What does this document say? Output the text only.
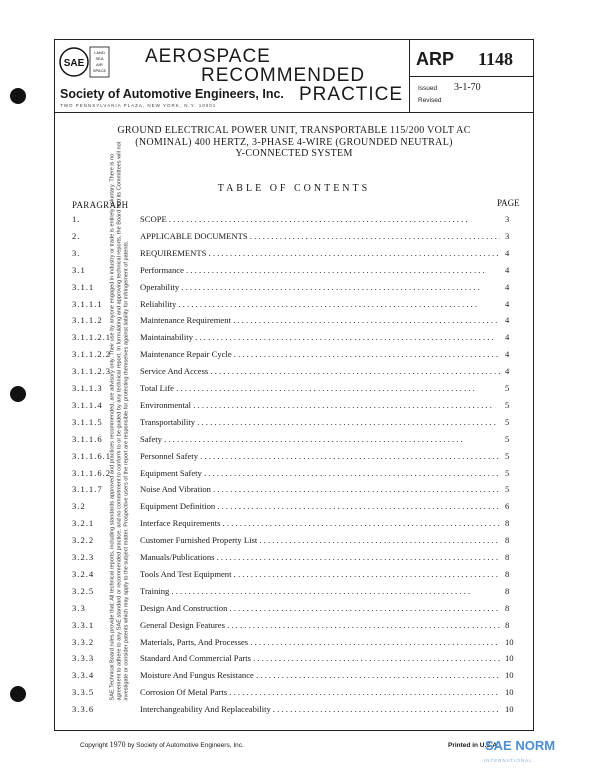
SAE Technical Board rules provide that: All technical reports, including standards approved and practices recommended, are advisory only. Their use by anyone engaged in industry or trade is entirely voluntary. There is no agreement to adhere to any SAE standard or recommended practice, and no commitment to conform to or be guided by any technical report. In formulating and approving technical reports, the Board and its Committees will not investigate or consider patents which may apply to the subject matter. Prospective users of the report are responsible for protecting themselves against liability for infringement of patents.
SAE
LAND
SEA
AIR
SPACE
AEROSPACE
RECOMMENDED
PRACTICE
Society of Automotive Engineers, Inc.
TWO PENNSYLVANIA PLAZA, NEW YORK, N.Y. 10001
ARP 1148
Issued 3-1-70
Revised
GROUND ELECTRICAL POWER UNIT, TRANSPORTABLE 115/200 VOLT AC
(NOMINAL) 400 HERTZ, 3-PHASE 4-WIRE (GROUNDED NEUTRAL)
Y-CONNECTED SYSTEM
TABLE OF CONTENTS
PARAGRAPH	PAGE
1.	SCOPE . . .	3
2.	APPLICABLE DOCUMENTS . . .	3
3.	REQUIREMENTS . . .	4
3.1	Performance . . .	4
3.1.1	Operability . . .	4
3.1.1.1	Reliability . . .	4
3.1.1.2	Maintenance Requirement . . .	4
3.1.1.2.1	Maintainability . . .	4
3.1.1.2.2	Maintenance Repair Cycle . . .	4
3.1.1.2.3	Service And Access . . .	4
3.1.1.3	Total Life . . .	5
3.1.1.4	Environmental . . .	5
3.1.1.5	Transportability . . .	5
3.1.1.6	Safety . . .	5
3.1.1.6.1	Personnel Safety . . .	5
3.1.1.6.2	Equipment Safety . . .	5
3.1.1.7	Noise And Vibration . . .	5
3.2	Equipment Definition . . .	6
3.2.1	Interface Requirements . . .	8
3.2.2	Customer Furnished Property List . . .	8
3.2.3	Manuals/Publications . . .	8
3.2.4	Tools And Test Equipment . . .	8
3.2.5	Training . . .	8
3.3	Design And Construction . . .	8
3.3.1	General Design Features . . .	8
3.3.2	Materials, Parts, And Processes . . .	10
3.3.3	Standard And Commercial Parts . . .	10
3.3.4	Moisture And Fungus Resistance . . .	10
3.3.5	Corrosion Of Metal Parts . . .	10
3.3.6	Interchangeability And Replaceability . . .	10
Copyright 1970 by Society of Automotive Engineers, Inc.	Printed in U.S.A.
SAE NORM
INTERNATIONAL
